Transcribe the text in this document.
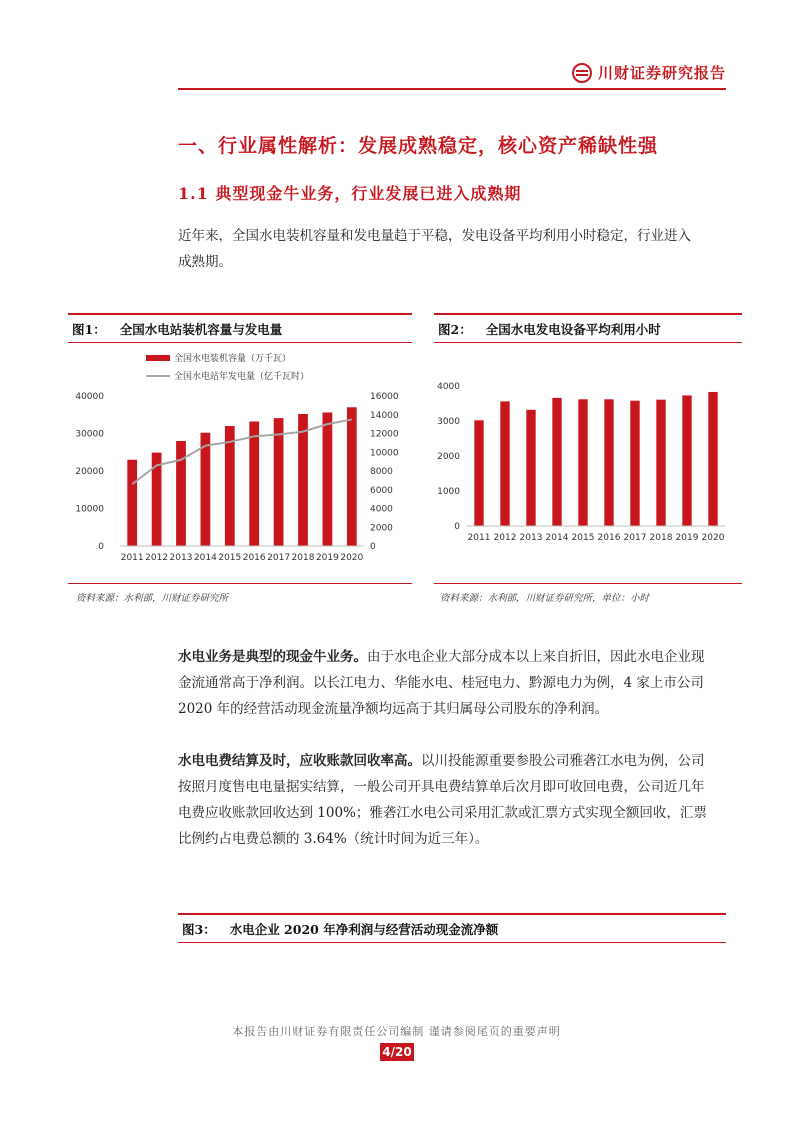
川财证券研究报告
一、行业属性解析：发展成熟稳定，核心资产稀缺性强
1.1 典型现金牛业务，行业发展已进入成熟期
近年来，全国水电装机容量和发电量趋于平稳，发电设备平均利用小时稳定，行业进入成熟期。
图1： 全国水电站装机容量与发电量
全国水电装机容量（万千瓦）
全国水电站年发电量（亿千瓦时）
0
10000
20000
30000
40000
0
2000
4000
6000
8000
10000
12000
14000
16000
2011 2012 2013 2014 2015 2016 2017 2018 2019 2020
资料来源：水利部，川财证券研究所
图2： 全国水电发电设备平均利用小时
0
1000
2000
3000
4000
2011 2012 2013 2014 2015 2016 2017 2018 2019 2020
资料来源：水利部，川财证券研究所，单位：小时
水电业务是典型的现金牛业务。由于水电企业大部分成本以上来自折旧，因此水电企业现金流通常高于净利润。以长江电力、华能水电、桂冠电力、黔源电力为例，4 家上市公司 2020 年的经营活动现金流量净额均远高于其归属母公司股东的净利润。
水电电费结算及时，应收账款回收率高。以川投能源重要参股公司雅砻江水电为例，公司按照月度售电电量据实结算，一般公司开具电费结算单后次月即可收回电费，公司近几年电费应收账款回收达到 100%；雅砻江水电公司采用汇款或汇票方式实现全额回收，汇票比例约占电费总额的 3.64%（统计时间为近三年）。
图3： 水电企业 2020 年净利润与经营活动现金流净额
本报告由川财证券有限责任公司编制 谨请参阅尾页的重要声明
4/20
